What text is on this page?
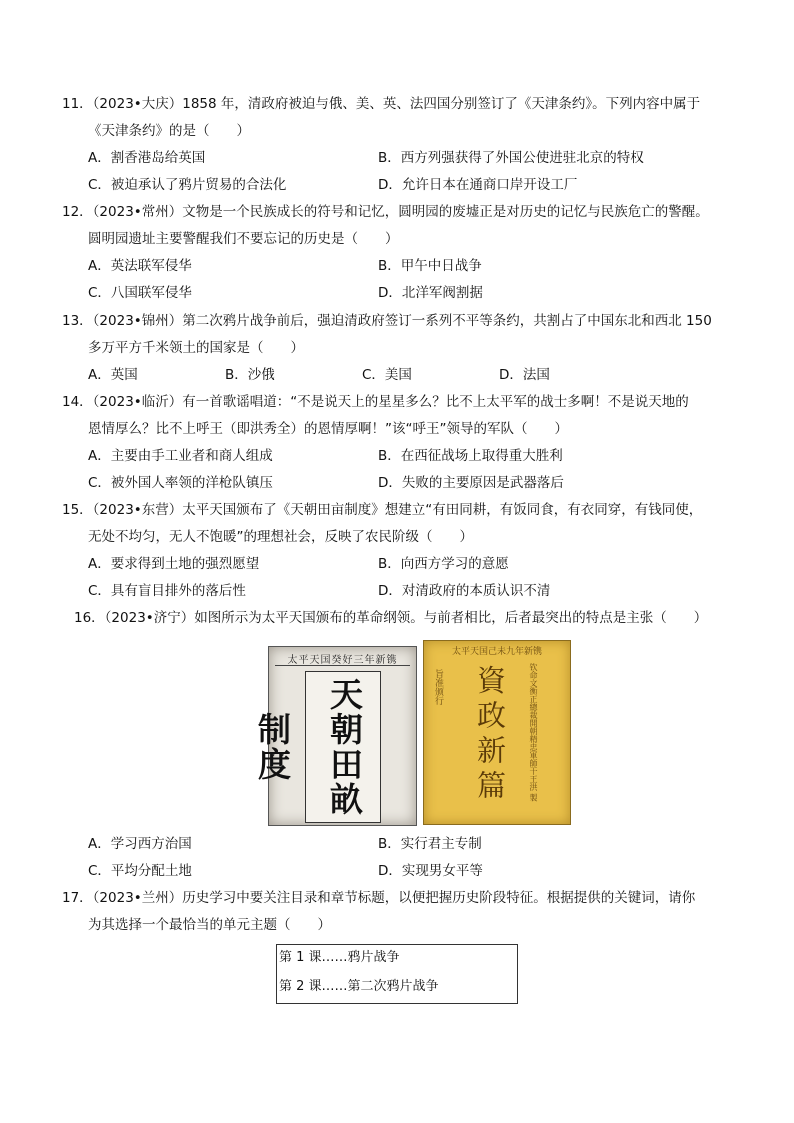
11．（2023•大庆）1858 年，清政府被迫与俄、美、英、法四国分别签订了《天津条约》。下列内容中属于
《天津条约》的是（　　）
A．割香港岛给英国	B．西方列强获得了外国公使进驻北京的特权
C．被迫承认了鸦片贸易的合法化	D．允许日本在通商口岸开设工厂
12．（2023•常州）文物是一个民族成长的符号和记忆，圆明园的废墟正是对历史的记忆与民族危亡的警醒。
圆明园遗址主要警醒我们不要忘记的历史是（　　）
A．英法联军侵华	B．甲午中日战争
C．八国联军侵华	D．北洋军阀割据
13．（2023•锦州）第二次鸦片战争前后，强迫清政府签订一系列不平等条约，共割占了中国东北和西北 150
多万平方千米领土的国家是（　　）
A．英国	B．沙俄	C．美国	D．法国
14．（2023•临沂）有一首歌谣唱道：“不是说天上的星星多么？比不上太平军的战士多啊！不是说天地的
恩情厚么？比不上呼王（即洪秀全）的恩情厚啊！”该“呼王”领导的军队（　　）
A．主要由手工业者和商人组成	B．在西征战场上取得重大胜利
C．被外国人率领的洋枪队镇压	D．失败的主要原因是武器落后
15．（2023•东营）太平天国颁布了《天朝田亩制度》想建立“有田同耕，有饭同食，有衣同穿，有钱同使，
无处不均匀，无人不饱暖”的理想社会，反映了农民阶级（　　）
A．要求得到土地的强烈愿望	B．向西方学习的意愿
C．具有盲目排外的落后性	D．对清政府的本质认识不清
16．（2023•济宁）如图所示为太平天国颁布的革命纲领。与前者相比，后者最突出的特点是主张（　　）
太平天国癸好三年新镌
天朝田畝制度
太平天国己未九年新镌
旨准颁行	資政新篇	钦命文衡正總裁開朝精忠軍師干王洪 製
A．学习西方治国	B．实行君主专制
C．平均分配土地	D．实现男女平等
17．（2023•兰州）历史学习中要关注目录和章节标题，以便把握历史阶段特征。根据提供的关键词，请你
为其选择一个最恰当的单元主题（　　）
第 1 课……鸦片战争
第 2 课……第二次鸦片战争
